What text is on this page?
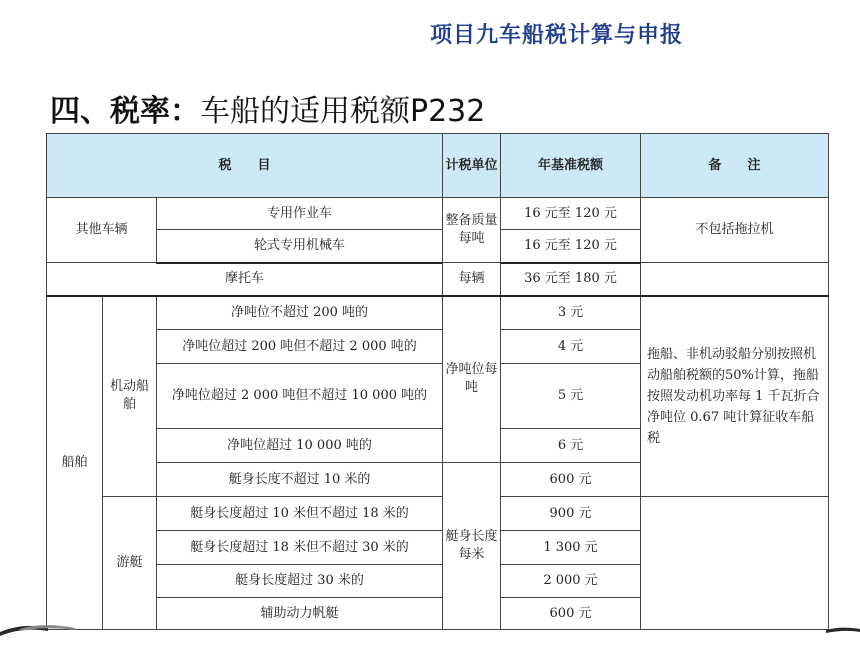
项目九车船税计算与申报
四、税率：车船的适用税额P232
税　　目			计税单位	年基准税额	备　　注
其他车辆		专用作业车	整备质量每吨	16 元至 120 元	不包括拖拉机
		轮式专用机械车		16 元至 120 元	
摩托车			每辆	36 元至 180 元	
船舶	机动船舶	净吨位不超过 200 吨的	净吨位每吨	3 元	拖船、非机动驳船分别按照机动船舶税额的50%计算，拖船按照发动机功率每 1 千瓦折合净吨位 0.67 吨计算征收车船税
		净吨位超过 200 吨但不超过 2 000 吨的		4 元	
		净吨位超过 2 000 吨但不超过 10 000 吨的		5 元	
		净吨位超过 10 000 吨的		6 元	
		艇身长度不超过 10 米的	艇身长度每米	600 元	
	游艇	艇身长度超过 10 米但不超过 18 米的		900 元	
		艇身长度超过 18 米但不超过 30 米的		1 300 元	
		艇身长度超过 30 米的		2 000 元	
		辅助动力帆艇		600 元	
